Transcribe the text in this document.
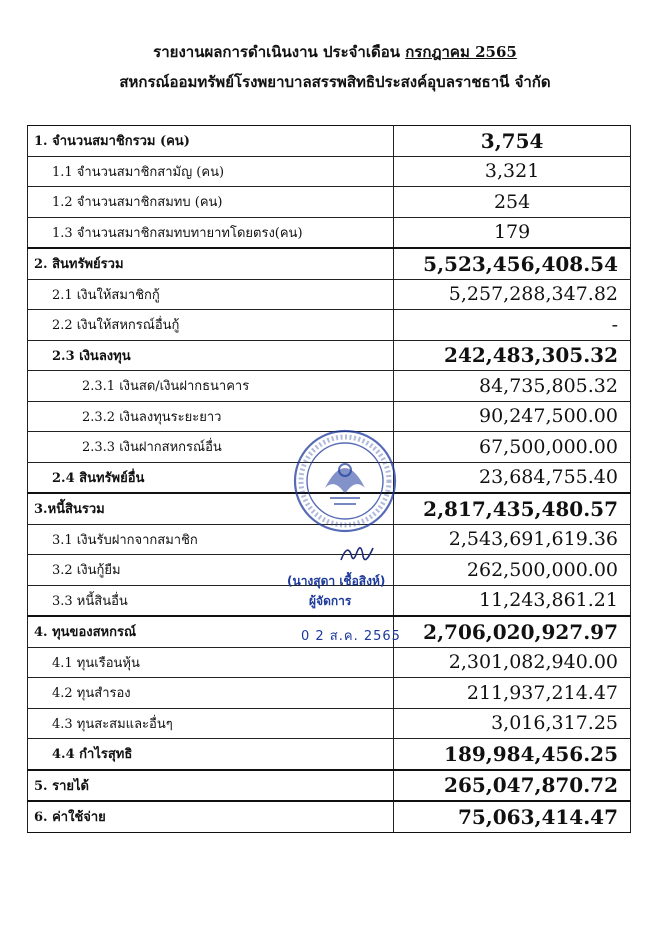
รายงานผลการดำเนินงาน ประจำเดือน กรกฎาคม 2565
สหกรณ์ออมทรัพย์โรงพยาบาลสรรพสิทธิประสงค์อุบลราชธานี จำกัด
1. จำนวนสมาชิกรวม (คน)	3,754
1.1 จำนวนสมาชิกสามัญ (คน)	3,321
1.2 จำนวนสมาชิกสมทบ (คน)	254
1.3 จำนวนสมาชิกสมทบทายาทโดยตรง(คน)	179
2. สินทรัพย์รวม	5,523,456,408.54
2.1 เงินให้สมาชิกกู้	5,257,288,347.82
2.2 เงินให้สหกรณ์อื่นกู้	-
2.3 เงินลงทุน	242,483,305.32
2.3.1 เงินสด/เงินฝากธนาคาร	84,735,805.32
2.3.2 เงินลงทุนระยะยาว	90,247,500.00
2.3.3 เงินฝากสหกรณ์อื่น	67,500,000.00
2.4 สินทรัพย์อื่น	23,684,755.40
3.หนี้สินรวม	2,817,435,480.57
3.1 เงินรับฝากจากสมาชิก	2,543,691,619.36
3.2 เงินกู้ยืม	262,500,000.00
3.3 หนี้สินอื่น	11,243,861.21
4. ทุนของสหกรณ์	2,706,020,927.97
4.1 ทุนเรือนหุ้น	2,301,082,940.00
4.2 ทุนสำรอง	211,937,214.47
4.3 ทุนสะสมและอื่นๆ	3,016,317.25
4.4 กำไรสุทธิ	189,984,456.25
5. รายได้	265,047,870.72
6. ค่าใช้จ่าย	75,063,414.47
(นางสุดา เชื้อสิงห์)
ผู้จัดการ
0 2 ส.ค. 2565
